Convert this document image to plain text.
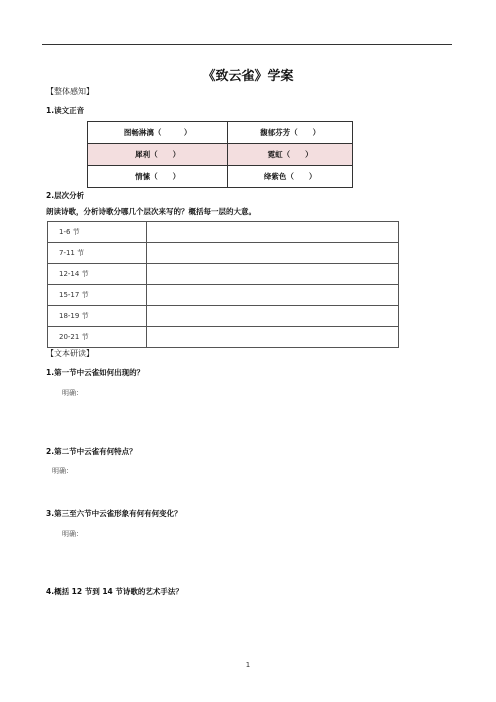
《致云雀》学案
【整体感知】
1.读文正音
图畅淋漓（　　　）	馥郁芬芳（　　）
犀利（　　）	霓虹（　　）
情愫（　　）	绛紫色（　　）
2.层次分析
朗读诗歌，分析诗歌分哪几个层次来写的？概括每一层的大意。
1-6 节	
7-11 节	
12-14 节	
15-17 节	
18-19 节	
20-21 节	
【文本研读】
1.第一节中云雀如何出现的？
明确：
2.第二节中云雀有何特点？
明确：
3.第三至六节中云雀形象有何有何变化？
明确：
4.概括 12 节到 14 节诗歌的艺术手法？
1
